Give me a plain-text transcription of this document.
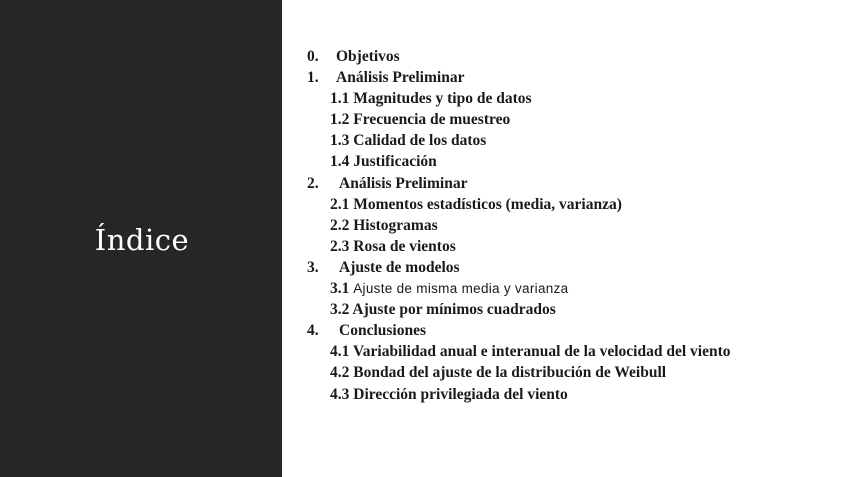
Índice
0. Objetivos
1. Análisis Preliminar
1.1 Magnitudes y tipo de datos
1.2 Frecuencia de muestreo
1.3 Calidad de los datos
1.4 Justificación
2. Análisis Preliminar
2.1 Momentos estadísticos (media, varianza)
2.2 Histogramas
2.3 Rosa de vientos
3. Ajuste de modelos
3.1 Ajuste de misma media y varianza
3.2 Ajuste por mínimos cuadrados
4. Conclusiones
4.1 Variabilidad anual e interanual de la velocidad del viento
4.2 Bondad del ajuste de la distribución de Weibull
4.3 Dirección privilegiada del viento
